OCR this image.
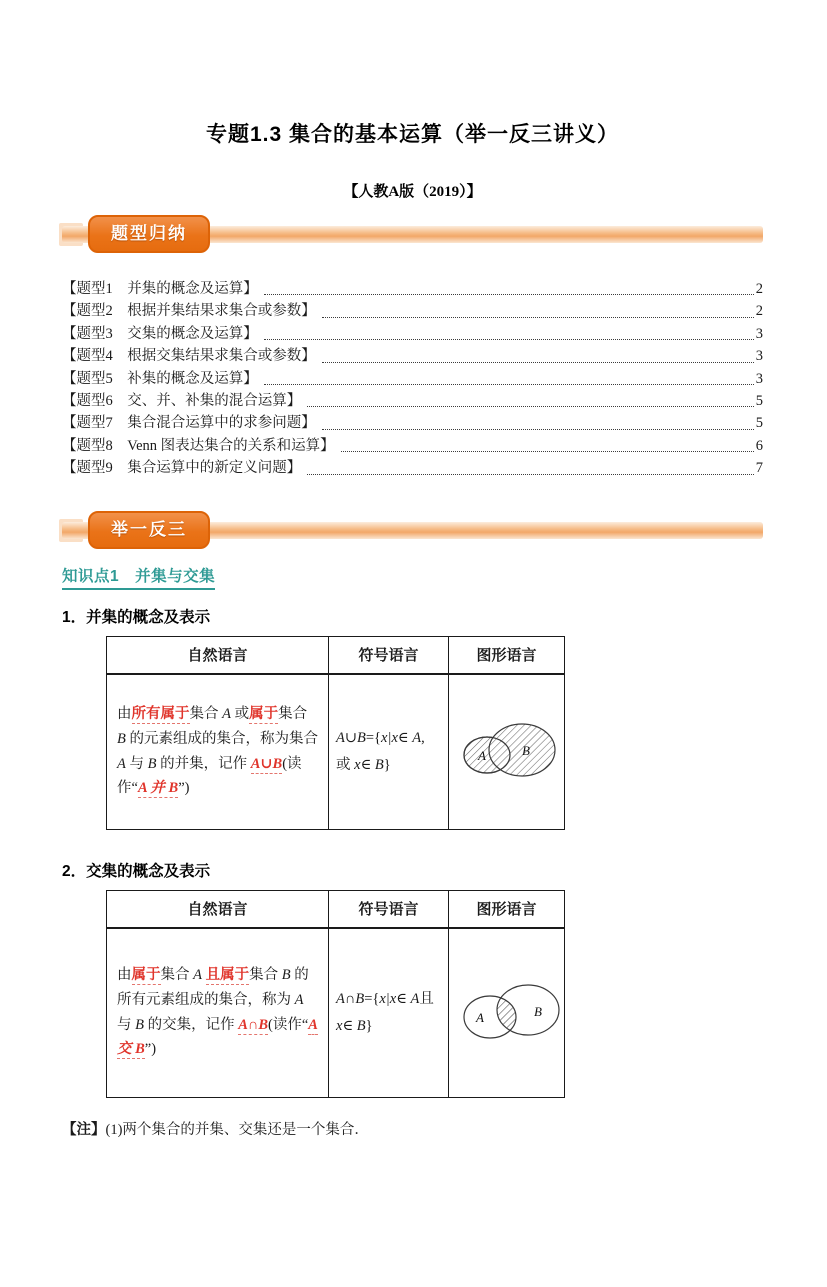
专题1.3 集合的基本运算（举一反三讲义）
【人教A版（2019）】
题型归纳
【题型1　并集的概念及运算】	2
【题型2　根据并集结果求集合或参数】	2
【题型3　交集的概念及运算】	3
【题型4　根据交集结果求集合或参数】	3
【题型5　补集的概念及运算】	3
【题型6　交、并、补集的混合运算】	5
【题型7　集合混合运算中的求参问题】	5
【题型8　Venn 图表达集合的关系和运算】	6
【题型9　集合运算中的新定义问题】	7
举一反三
知识点1　并集与交集
1．并集的概念及表示
自然语言	符号语言	图形语言
由所有属于集合 A 或属于集合 B 的元素组成的集合，称为集合 A 与 B 的并集，记作 A∪B(读作“A 并 B”)	A∪B={x|x∈ A, 或 x∈ B}	A B
2．交集的概念及表示
自然语言	符号语言	图形语言
由属于集合 A 且属于集合 B 的所有元素组成的集合，称为 A 与 B 的交集，记作 A∩B(读作“A 交 B”)	A∩B={x|x∈ A且 x∈ B}	A B
【注】(1)两个集合的并集、交集还是一个集合．
